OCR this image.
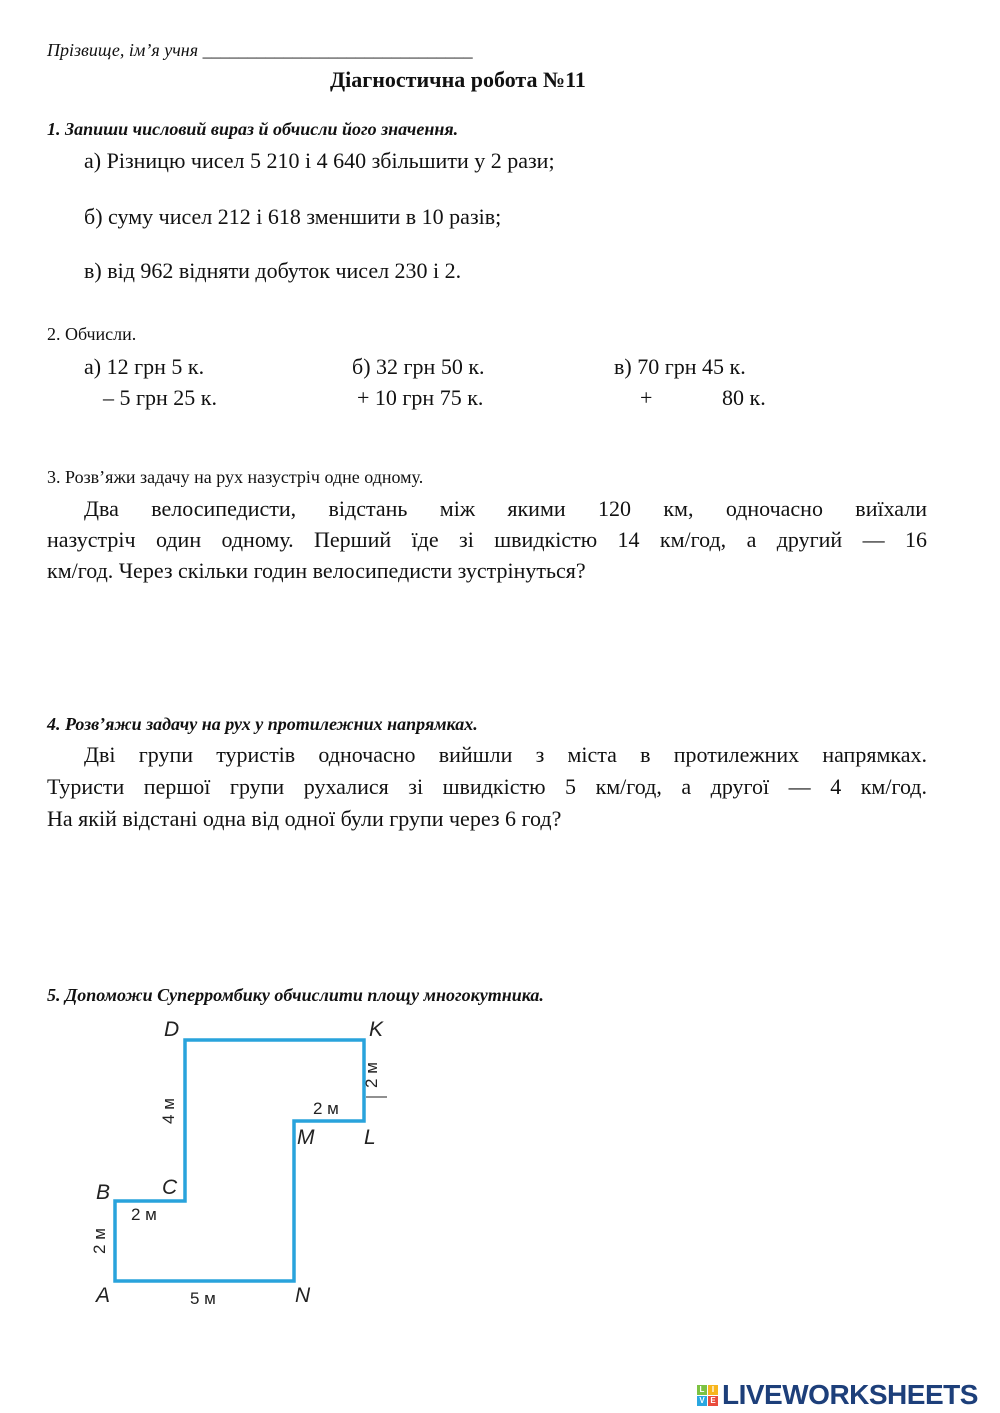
Прізвище, ім’я учня ______________________________
Діагностична робота №11
1. Запиши числовий вираз й обчисли його значення.
а) Різницю чисел 5 210 і 4 640 збільшити у 2 рази;
б) суму чисел 212 і 618 зменшити в 10 разів;
в) від 962 відняти добуток чисел 230 і 2.
2. Обчисли.
а) 12 грн 5 к.
– 5 грн 25 к.
б) 32 грн 50 к.
+ 10 грн 75 к.
в) 70 грн 45 к.
+	80 к.
3. Розв’яжи задачу на рух назустріч одне одному.
Два велосипедисти, відстань між якими 120 км, одночасно виїхали
назустріч один одному. Перший їде зі швидкістю 14 км/год, а другий — 16
км/год. Через скільки годин велосипедисти зустрінуться?
4. Розв’яжи задачу на рух у протилежних напрямках.
Дві групи туристів одночасно вийшли з міста в протилежних напрямках.
Туристи першої групи рухалися зі швидкістю 5 км/год, а другої — 4 км/год.
На якій відстані одна від одної були групи через 6 год?
5. Допоможи Суперромбику обчислити площу многокутника.
A
B C
D	K
L
M
N
2 м
2 м
4 м
2 м
2 м
5 м
L I
V E LIVEWORKSHEETS
